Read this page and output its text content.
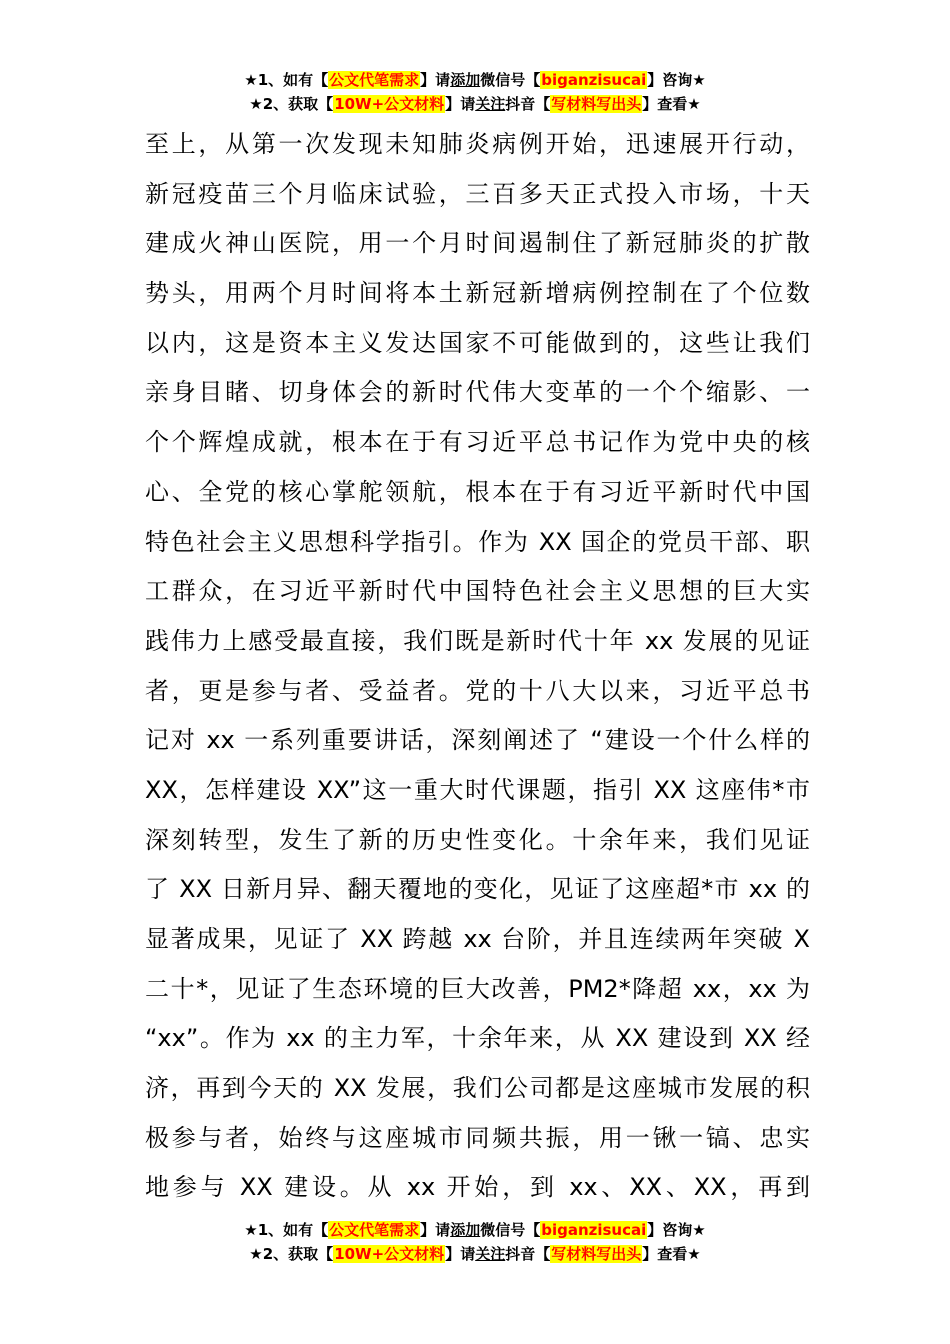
★1、如有【公文代笔需求】请添加微信号【biganzisucai】咨询★
★2、获取【10W+公文材料】请关注抖音【写材料写出头】查看★
至上，从第一次发现未知肺炎病例开始，迅速展开行动，
新冠疫苗三个月临床试验，三百多天正式投入市场，十天
建成火神山医院，用一个月时间遏制住了新冠肺炎的扩散
势头，用两个月时间将本土新冠新增病例控制在了个位数
以内，这是资本主义发达国家不可能做到的，这些让我们
亲身目睹、切身体会的新时代伟大变革的一个个缩影、一
个个辉煌成就，根本在于有习近平总书记作为党中央的核
心、全党的核心掌舵领航，根本在于有习近平新时代中国
特色社会主义思想科学指引。作为 XX 国企的党员干部、职
工群众，在习近平新时代中国特色社会主义思想的巨大实
践伟力上感受最直接，我们既是新时代十年 xx 发展的见证
者，更是参与者、受益者。党的十八大以来，习近平总书
记对 xx 一系列重要讲话，深刻阐述了 “建设一个什么样的
XX，怎样建设 XX”这一重大时代课题，指引 XX 这座伟*市
深刻转型，发生了新的历史性变化。十余年来，我们见证
了 XX 日新月异、翻天覆地的变化，见证了这座超*市 xx 的
显著成果，见证了 XX 跨越 xx 台阶，并且连续两年突破 X
二十*，见证了生态环境的巨大改善，PM2*降超 xx，xx 为
“xx”。作为 xx 的主力军，十余年来，从 XX 建设到 XX 经
济，再到今天的 XX 发展，我们公司都是这座城市发展的积
极参与者，始终与这座城市同频共振，用一锹一镐、忠实
地参与 XX 建设。从 xx 开始，到 xx、XX、XX，再到
★1、如有【公文代笔需求】请添加微信号【biganzisucai】咨询★
★2、获取【10W+公文材料】请关注抖音【写材料写出头】查看★
